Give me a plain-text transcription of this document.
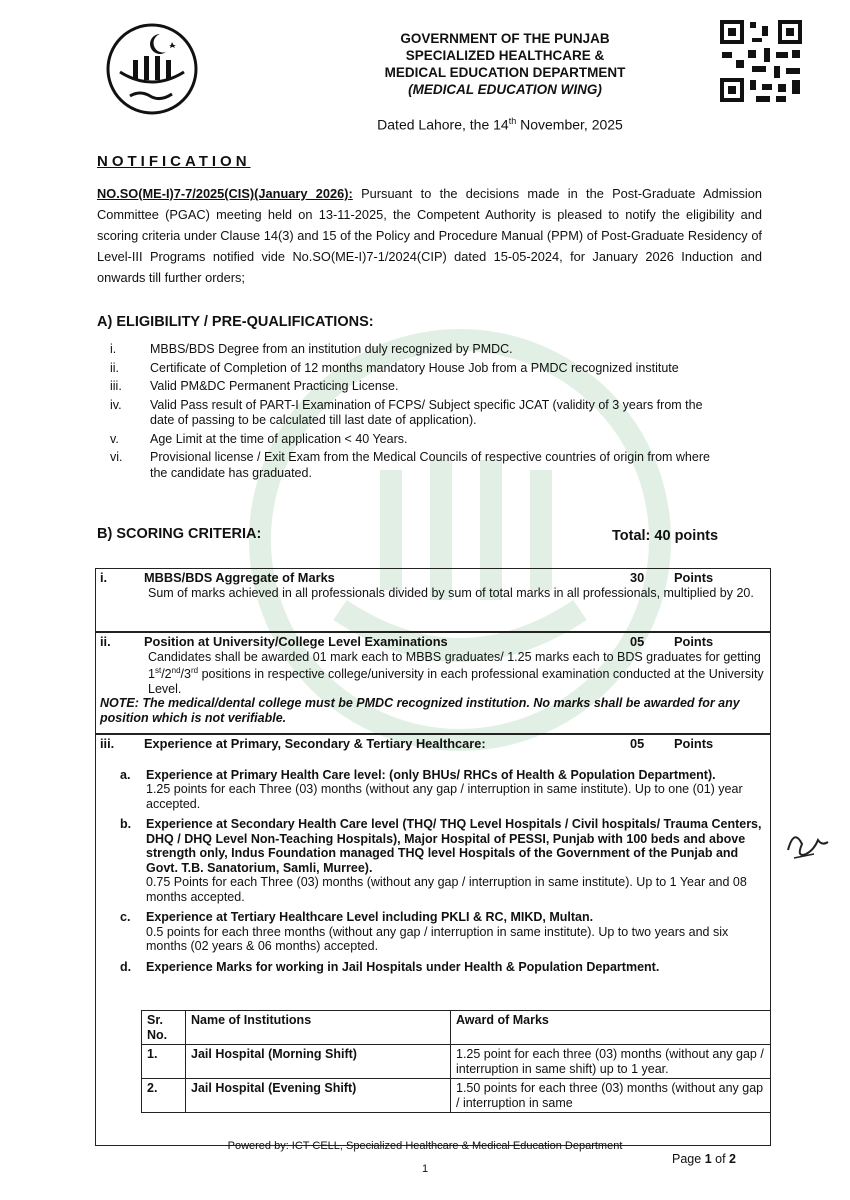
GOVERNMENT OF THE PUNJAB
SPECIALIZED HEALTHCARE &
MEDICAL EDUCATION DEPARTMENT
(MEDICAL EDUCATION WING)
Dated Lahore, the 14th November, 2025
NOTIFICATION
NO.SO(ME-I)7-7/2025(CIS)(January 2026): Pursuant to the decisions made in the Post-Graduate Admission Committee (PGAC) meeting held on 13-11-2025, the Competent Authority is pleased to notify the eligibility and scoring criteria under Clause 14(3) and 15 of the Policy and Procedure Manual (PPM) of Post-Graduate Residency of Level-III Programs notified vide No.SO(ME-I)7-1/2024(CIP) dated 15-05-2024, for January 2026 Induction and onwards till further orders;
A) ELIGIBILITY / PRE-QUALIFICATIONS:
i.	MBBS/BDS Degree from an institution duly recognized by PMDC.
ii.	Certificate of Completion of 12 months mandatory House Job from a PMDC recognized institute
iii.	Valid PM&DC Permanent Practicing License.
iv.	Valid Pass result of PART-I Examination of FCPS/ Subject specific JCAT (validity of 3 years from the date of passing to be calculated till last date of application).
v.	Age Limit at the time of application < 40 Years.
vi.	Provisional license / Exit Exam from the Medical Councils of respective countries of origin from where the candidate has graduated.
B) SCORING CRITERIA:	Total: 40 points
i.	MBBS/BDS Aggregate of Marks	30	Points
Sum of marks achieved in all professionals divided by sum of total marks in all professionals, multiplied by 20.
ii.	Position at University/College Level Examinations	05	Points
Candidates shall be awarded 01 mark each to MBBS graduates/ 1.25 marks each to BDS graduates for getting 1st/2nd/3rd positions in respective college/university in each professional examination conducted at the University Level.
NOTE: The medical/dental college must be PMDC recognized institution. No marks shall be awarded for any position which is not verifiable.
iii.	Experience at Primary, Secondary & Tertiary Healthcare:	05	Points
a.	Experience at Primary Health Care level: (only BHUs/ RHCs of Health & Population Department).
1.25 points for each Three (03) months (without any gap / interruption in same institute). Up to one (01) year accepted.
b.	Experience at Secondary Health Care level (THQ/ THQ Level Hospitals / Civil hospitals/ Trauma Centers, DHQ / DHQ Level Non-Teaching Hospitals), Major Hospital of PESSI, Punjab with 100 beds and above strength only, Indus Foundation managed THQ level Hospitals of the Government of the Punjab and Govt. T.B. Sanatorium, Samli, Murree).
0.75 Points for each Three (03) months (without any gap / interruption in same institute). Up to 1 Year and 08 months accepted.
c.	Experience at Tertiary Healthcare Level including PKLI & RC, MIKD, Multan.
0.5 points for each three months (without any gap / interruption in same institute). Up to two years and six months (02 years & 06 months) accepted.
d.	Experience Marks for working in Jail Hospitals under Health & Population Department.
Sr. No.	Name of Institutions	Award of Marks
1.	Jail Hospital (Morning Shift)	1.25 point for each three (03) months (without any gap / interruption in same shift) up to 1 year.
2.	Jail Hospital (Evening Shift)	1.50 points for each three (03) months (without any gap / interruption in same
Powered by: ICT CELL, Specialized Healthcare & Medical Education Department
1
Page 1 of 2
